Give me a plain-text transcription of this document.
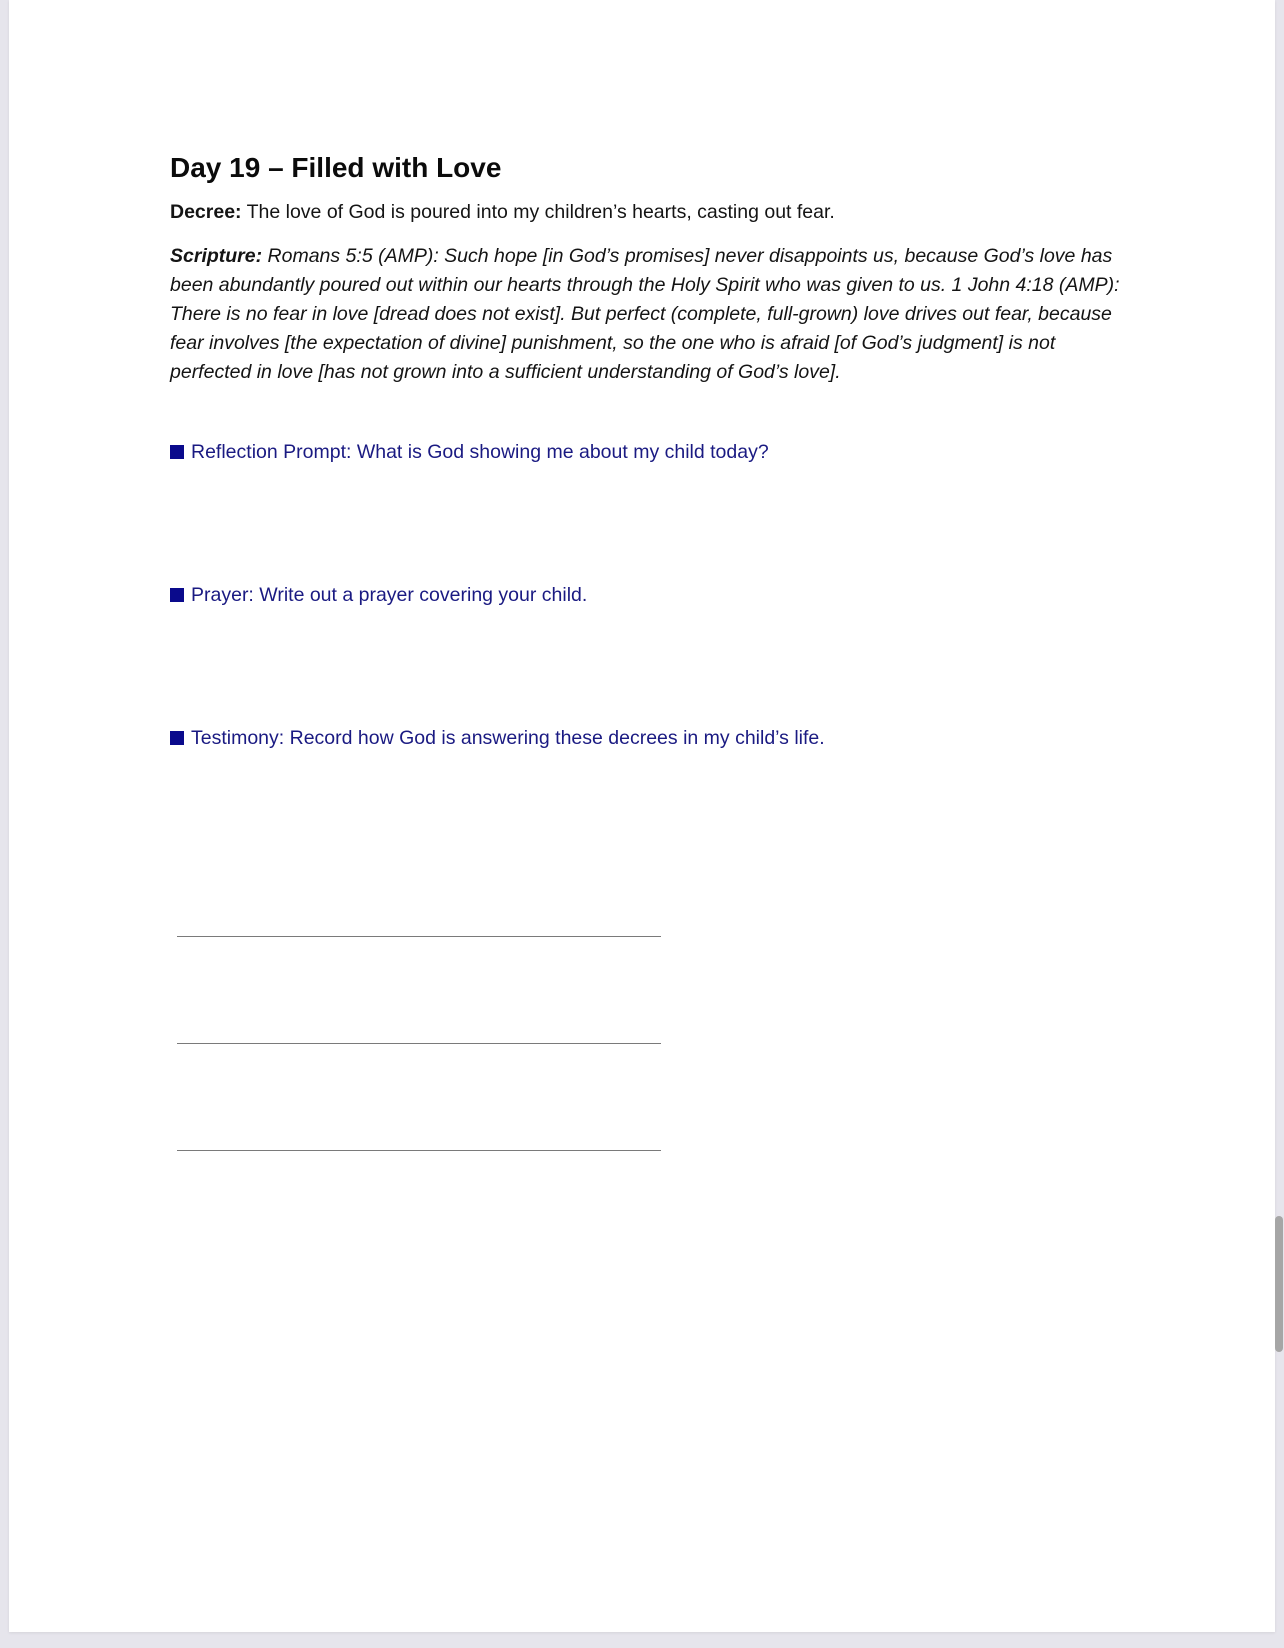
Day 19 – Filled with Love

Decree: The love of God is poured into my children’s hearts, casting out fear.

Scripture: Romans 5:5 (AMP): Such hope [in God’s promises] never disappoints us, because God’s love has been abundantly poured out within our hearts through the Holy Spirit who was given to us. 1 John 4:18 (AMP): There is no fear in love [dread does not exist]. But perfect (complete, full-grown) love drives out fear, because fear involves [the expectation of divine] punishment, so the one who is afraid [of God’s judgment] is not perfected in love [has not grown into a sufficient understanding of God’s love].

Reflection Prompt: What is God showing me about my child today?
Prayer: Write out a prayer covering your child.
Testimony: Record how God is answering these decrees in my child’s life.
